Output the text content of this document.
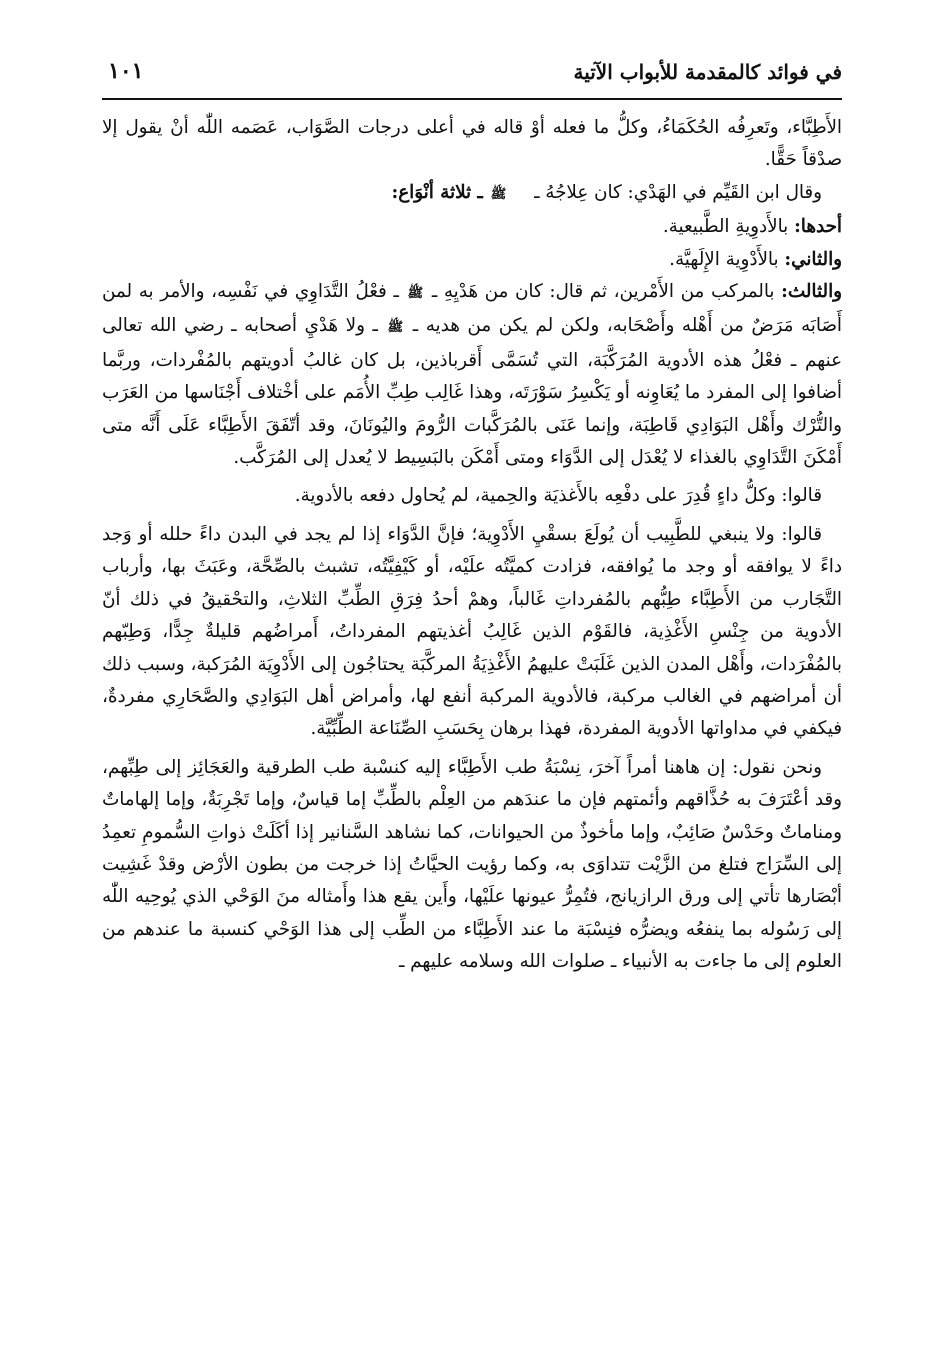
في فوائد كالمقدمة للأبواب الآتية
١٠١

الأَطِبَّاء، وتَعرِفُه الحُكَمَاءُ، وكلُّ ما فعله أوْ قاله في أعلى درجات الصَّوَاب، عَصَمه اللّٰه أنْ يقول إلا صدْقاً حَقًّا.

وقال ابن القَيِّم في الهَدْي: كان عِلاجُهُ ـ ﷺ ـ ثلاثة أنْوَاع:

أحدها: بالأَدوِيةِ الطَّبيعية.

والثاني: بالأَدْوِية الإِلَهيَّة.

والثالث: بالمركب من الأَمْرين، ثم قال: كان من هَدْيِهِ ـ ﷺ ـ فعْلُ التَّدَاوِي في نَفْسِه، والأمر به لمن أَصَابَه مَرَضٌ من أَهْله وأَصْحَابه، ولكن لم يكن من هديه ـ ﷺ ـ ولا هَدْيِ أصحابه ـ رضي الله تعالى عنهم ـ فعْلُ هذه الأدوية المُرَكَّبَة، التي تُسَمَّى أَقرباذين، بل كان غالبُ أدويتهم بالمُفْردات، وربَّما أضافوا إلى المفرد ما يُعَاوِنه أو يَكْسِرُ سَوْرَتَه، وهذا غَالِب طِبِّ الأُمَم على أخْتلاف أَجْنَاسها من العَرَب والتُّرْك وأَهْل البَوَادِي قَاطِبَة، وإنما عَنَى بالمُرَكَّبات الرُّومَ واليُونَانَ، وقد أتّفَقَ الأَطِبَّاء عَلَى أَنَّه متى أَمْكَنَ التَّدَاوِي بالغذاء لا يُعْدَل إلى الدَّوَاء ومتى أَمْكَن بالبَسِيط لا يُعدل إلى المُرَكَّب.

قالوا: وكلُّ داءٍ قُدِرَ على دفْعِه بالأَغذيَة والحِمية، لم يُحاول دفعه بالأدوية.

قالوا: ولا ينبغي للطَّبِيب أن يُولَعَ بسقْيِ الأَدْوِية؛ فإنَّ الدَّوَاء إذا لم يجد في البدن داءً حلله أو وَجد داءً لا يوافقه أو وجد ما يُوافقه، فزادت كميَّتُه علَيْه، أو كَيْفِيَّتُه، تشبث بالصِّحَّة، وعَبَثَ بها، وأرباب التَّجَارب من الأَطِبَّاء طِبُّهم بالمُفرداتِ غَالباً، وهمْ أحدُ فِرَقِ الطِّبِّ الثلاثِ، والتحْقيقُ في ذلك أنّ الأدوية من جِنْسِ الأَغْذِية، فالقَوْم الذين غَالِبُ أغذيتهم المفرداتُ، أَمراضُهم قليلةٌ جِدًّا، وَطِبّهم بالمُفْرَدات، وأَهْل المدن الذين غَلَبَتْ عليهمُ الأَغْذِيَةُ المركَّبَة يحتاجُون إلى الأَدْوِيَة المُرَكبة، وسبب ذلك أن أمراضهم في الغالب مركبة، فالأدوية المركبة أنفع لها، وأمراض أهل البَوَادِي والصَّحَارِي مفردةٌ، فيكفي في مداواتها الأدوية المفردة، فهذا برهان بِحَسَبِ الصِّنَاعة الطِّبِّيَّة.

ونحن نقول: إن هاهنا أمراً آخرَ، نِسْبَةُ طب الأَطِبَّاء إليه كنسْبة طب الطرقية والعَجَائِز إلى طِبِّهم، وقد أعْتَرَفَ به حُذَّاقهم وأئمتهم فإن ما عندَهم من العِلْم بالطِّبِّ إما قياسٌ، وإما تَجْرِبَةٌ، وإما إلهاماتٌ ومناماتٌ وحَدْسٌ صَائِبٌ، وإما مأخوذٌ من الحيوانات، كما نشاهد السَّنانير إذا أكَلَتْ ذواتِ السُّمومِ تعمِدُ إلى السِّرَاج فتلغ من الزَّيْت تتداوَى به، وكما رؤيت الحيَّاتُ إذا خرجت من بطون الأرْض وقدْ غَشِيت أبْصَارها تأتي إلى ورق الرازيانج، فتُمِرُّ عيونها علَيْها، وأَين يقع هذا وأَمثاله منَ الوَحْي الذي يُوحِيه اللّٰه إلى رَسُوله بما ينفعُه ويضرُّه فنِسْبَة ما عند الأَطِبَّاء من الطِّب إلى هذا الوَحْي كنسبة ما عندهم من العلوم إلى ما جاءت به الأنبياء ـ صلوات الله وسلامه عليهم ـ
